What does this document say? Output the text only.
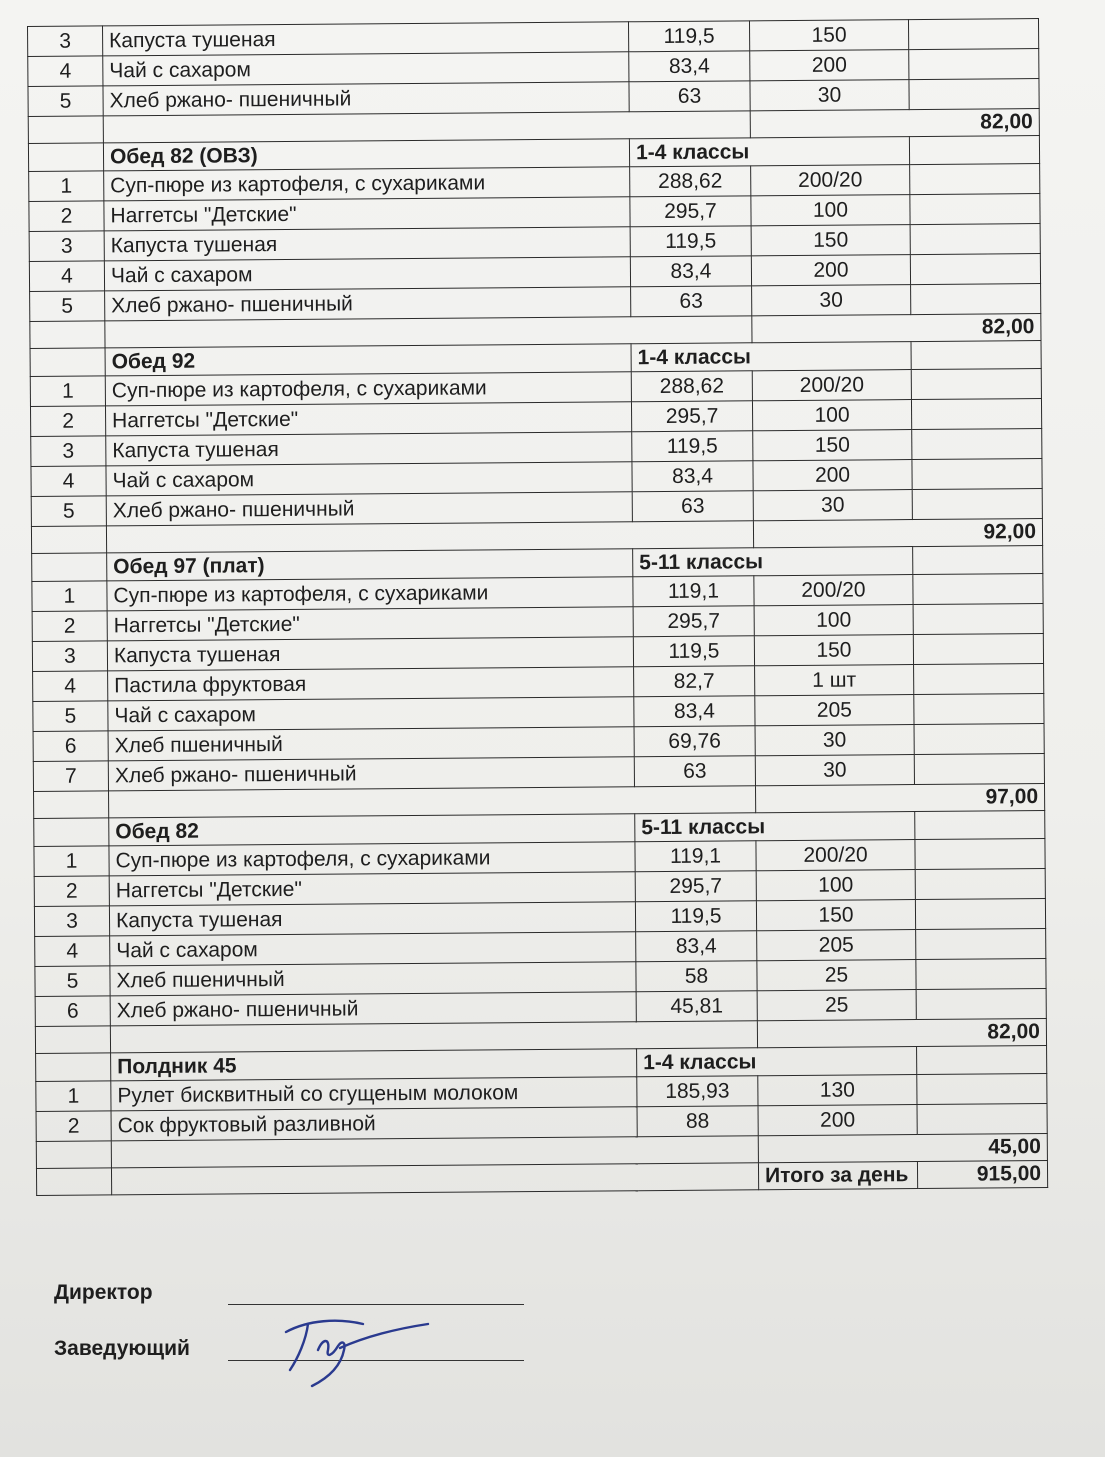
3	Капуста тушеная	119,5	150	
4	Чай с сахаром	83,4	200	
5	Хлеб ржано- пшеничный	63	30	
			82,00	
	Обед 82 (ОВЗ)	1-4 классы		
1	Суп-пюре из картофеля, с сухариками	288,62	200/20	
2	Наггетсы "Детские"	295,7	100	
3	Капуста тушеная	119,5	150	
4	Чай с сахаром	83,4	200	
5	Хлеб ржано- пшеничный	63	30	
			82,00	
	Обед 92	1-4 классы		
1	Суп-пюре из картофеля, с сухариками	288,62	200/20	
2	Наггетсы "Детские"	295,7	100	
3	Капуста тушеная	119,5	150	
4	Чай с сахаром	83,4	200	
5	Хлеб ржано- пшеничный	63	30	
			92,00	
	Обед 97 (плат)	5-11 классы		
1	Суп-пюре из картофеля, с сухариками	119,1	200/20	
2	Наггетсы "Детские"	295,7	100	
3	Капуста тушеная	119,5	150	
4	Пастила фруктовая	82,7	1 шт	
5	Чай с сахаром	83,4	205	
6	Хлеб пшеничный	69,76	30	
7	Хлеб ржано- пшеничный	63	30	
			97,00	
	Обед 82	5-11 классы		
1	Суп-пюре из картофеля, с сухариками	119,1	200/20	
2	Наггетсы "Детские"	295,7	100	
3	Капуста тушеная	119,5	150	
4	Чай с сахаром	83,4	205	
5	Хлеб пшеничный	58	25	
6	Хлеб ржано- пшеничный	45,81	25	
			82,00	
	Полдник 45	1-4 классы		
1	Рулет бисквитный со сгущеным молоком	185,93	130	
2	Сок фруктовый разливной	88	200	
			45,00	
			Итого за день	915,00
Директор
Заведующий
